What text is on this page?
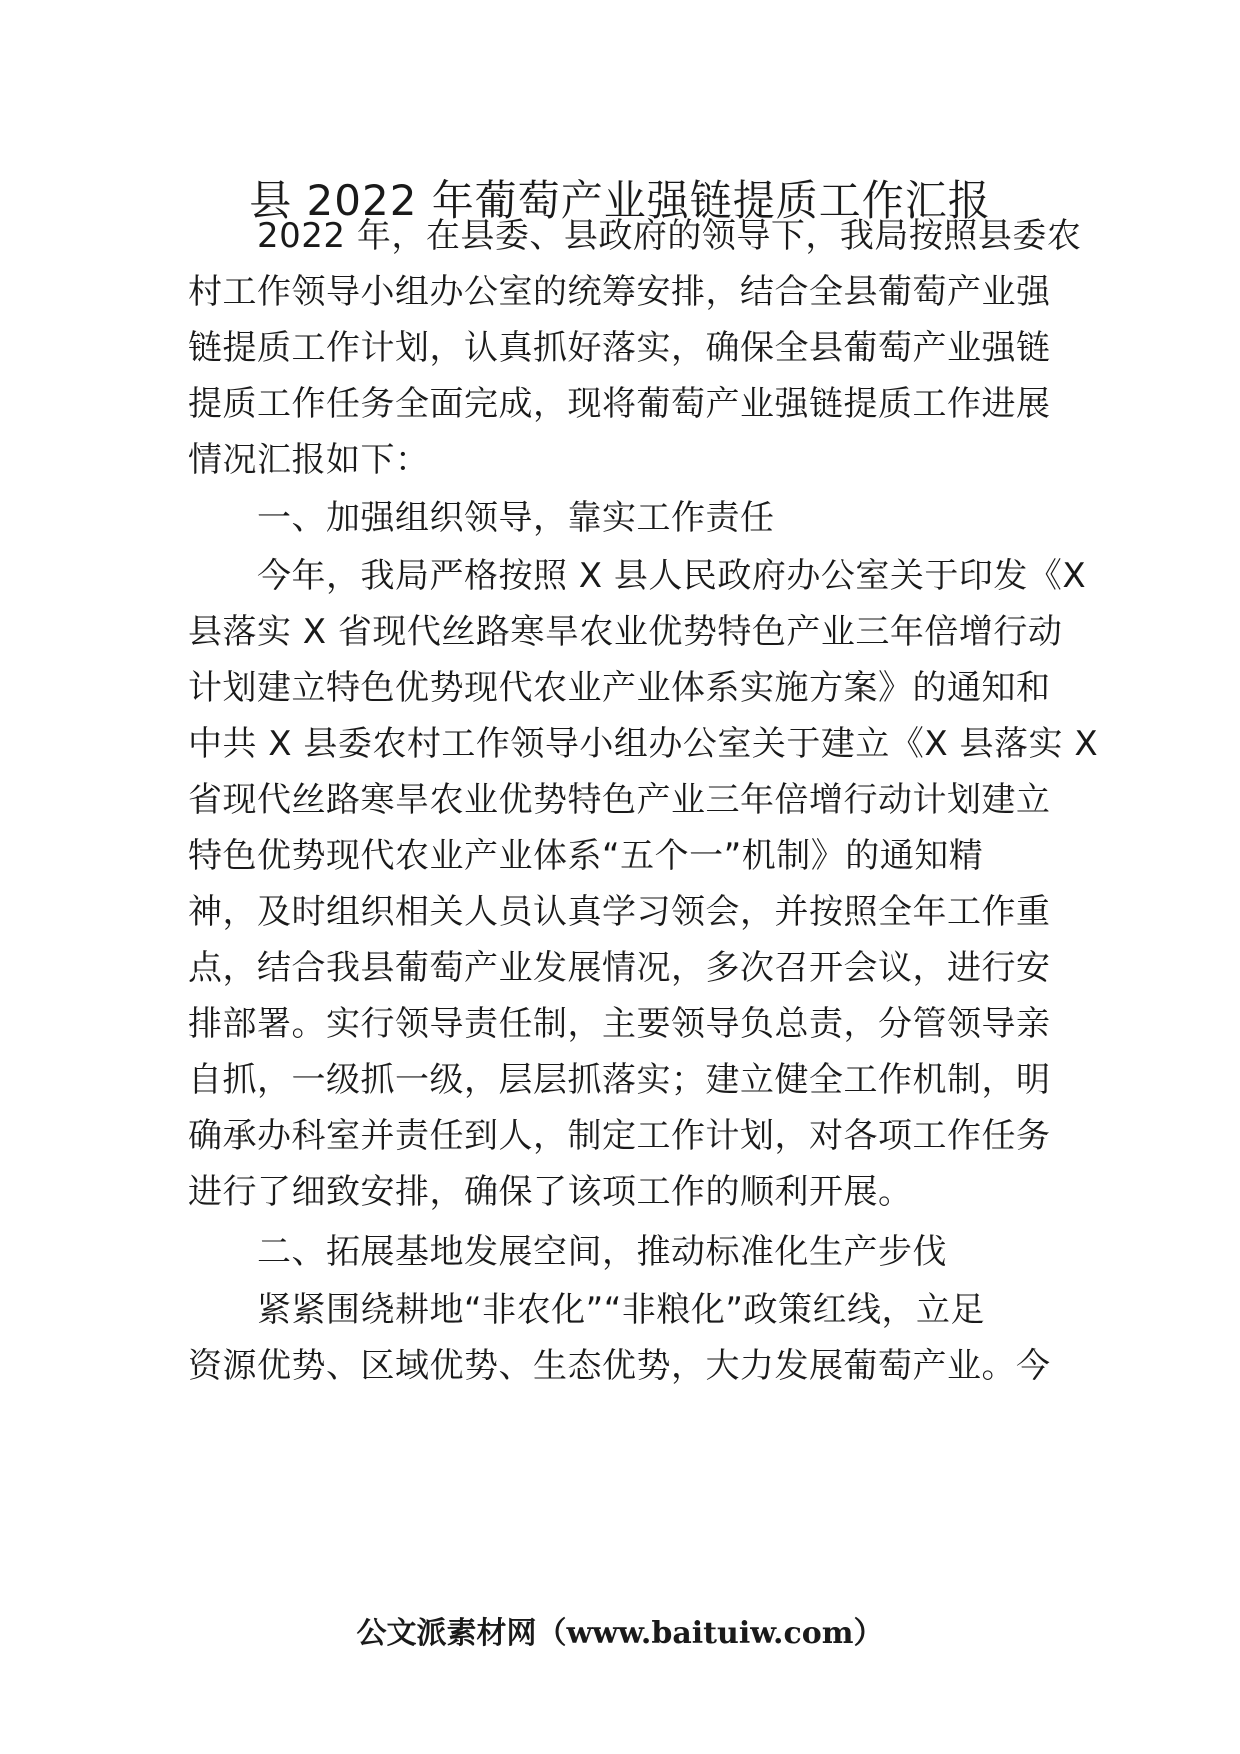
县 2022 年葡萄产业强链提质工作汇报
　　2022 年，在县委、县政府的领导下，我局按照县委农
村工作领导小组办公室的统筹安排，结合全县葡萄产业强
链提质工作计划，认真抓好落实，确保全县葡萄产业强链
提质工作任务全面完成，现将葡萄产业强链提质工作进展
情况汇报如下：
　　一、加强组织领导，靠实工作责任
　　今年，我局严格按照 X 县人民政府办公室关于印发《X
县落实 X 省现代丝路寒旱农业优势特色产业三年倍增行动
计划建立特色优势现代农业产业体系实施方案》的通知和
中共 X 县委农村工作领导小组办公室关于建立《X 县落实 X
省现代丝路寒旱农业优势特色产业三年倍增行动计划建立
特色优势现代农业产业体系“五个一”机制》的通知精
神，及时组织相关人员认真学习领会，并按照全年工作重
点，结合我县葡萄产业发展情况，多次召开会议，进行安
排部署。实行领导责任制，主要领导负总责，分管领导亲
自抓，一级抓一级，层层抓落实；建立健全工作机制，明
确承办科室并责任到人，制定工作计划，对各项工作任务
进行了细致安排，确保了该项工作的顺利开展。
　　二、拓展基地发展空间，推动标准化生产步伐
　　紧紧围绕耕地“非农化”“非粮化”政策红线，立足
资源优势、区域优势、生态优势，大力发展葡萄产业。今
公文派素材网（www.baituiw.com）
